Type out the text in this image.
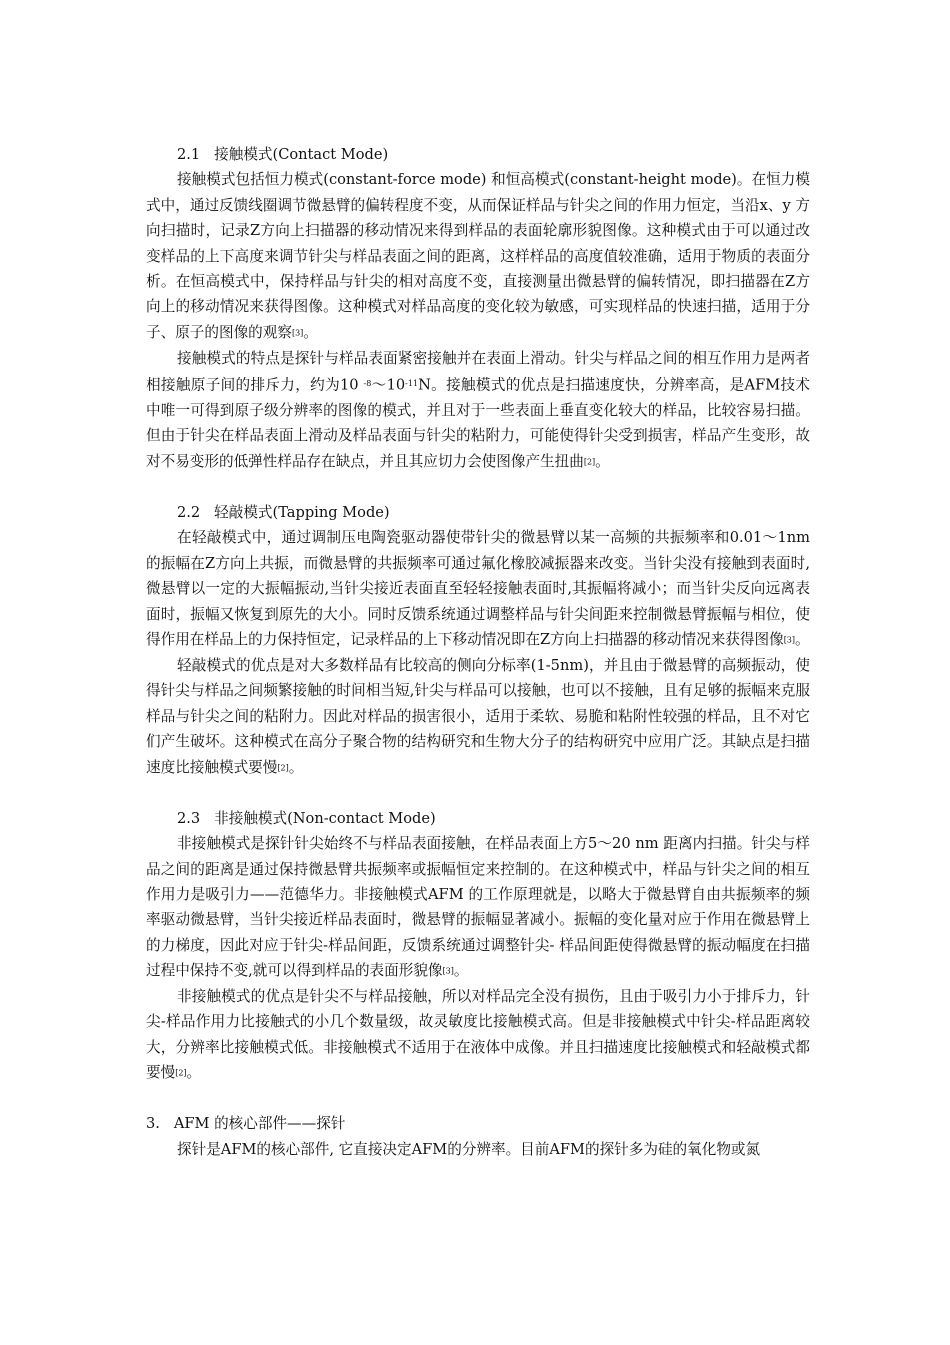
2.1   接触模式(Contact Mode)

接触模式包括恒力模式(constant-force mode) 和恒高模式(constant-height mode)。在恒力模式中，通过反馈线圈调节微悬臂的偏转程度不变，从而保证样品与针尖之间的作用力恒定，当沿x、y 方向扫描时，记录Z方向上扫描器的移动情况来得到样品的表面轮廓形貌图像。这种模式由于可以通过改变样品的上下高度来调节针尖与样品表面之间的距离，这样样品的高度值较准确，适用于物质的表面分析。在恒高模式中，保持样品与针尖的相对高度不变，直接测量出微悬臂的偏转情况，即扫描器在Z方向上的移动情况来获得图像。这种模式对样品高度的变化较为敏感，可实现样品的快速扫描，适用于分子、原子的图像的观察[3]。

接触模式的特点是探针与样品表面紧密接触并在表面上滑动。针尖与样品之间的相互作用力是两者相接触原子间的排斥力，约为10 $^{-8}\sim 10^{-11}N$。接触模式的优点是扫描速度快，分辨率高，是AFM技术中唯一可得到原子级分辨率的图像的模式，并且对于一些表面上垂直变化较大的样品，比较容易扫描。 但由于针尖在样品表面上滑动及样品表面与针尖的粘附力，可能使得针尖受到损害，样品产生变形，故对不易变形的低弹性样品存在缺点，并且其应切力会使图像产生扭曲[2]。

2.2   轻敲模式(Tapping Mode)

在轻敲模式中，通过调制压电陶瓷驱动器使带针尖的微悬臂以某一高频的共振频率和0.01～1nm 的振幅在Z方向上共振，而微悬臂的共振频率可通过氟化橡胶减振器来改变。当针尖没有接触到表面时,微悬臂以一定的大振幅振动,当针尖接近表面直至轻轻接触表面时,其振幅将减小；而当针尖反向远离表面时，振幅又恢复到原先的大小。同时反馈系统通过调整样品与针尖间距来控制微悬臂振幅与相位，使得作用在样品上的力保持恒定，记录样品的上下移动情况即在Z方向上扫描器的移动情况来获得图像[3]。

轻敲模式的优点是对大多数样品有比较高的侧向分标率(1-5nm)，并且由于微悬臂的高频振动，使得针尖与样品之间频繁接触的时间相当短,针尖与样品可以接触，也可以不接触，且有足够的振幅来克服样品与针尖之间的粘附力。因此对样品的损害很小，适用于柔软、易脆和粘附性较强的样品，且不对它们产生破坏。这种模式在高分子聚合物的结构研究和生物大分子的结构研究中应用广泛。其缺点是扫描速度比接触模式要慢[2]。

2.3   非接触模式(Non-contact Mode)

非接触模式是探针针尖始终不与样品表面接触，在样品表面上方5～20 nm 距离内扫描。针尖与样品之间的距离是通过保持微悬臂共振频率或振幅恒定来控制的。在这种模式中，样品与针尖之间的相互作用力是吸引力——范德华力。非接触模式AFM 的工作原理就是，以略大于微悬臂自由共振频率的频率驱动微悬臂，当针尖接近样品表面时，微悬臂的振幅显著减小。振幅的变化量对应于作用在微悬臂上的力梯度，因此对应于针尖-样品间距，反馈系统通过调整针尖- 样品间距使得微悬臂的振动幅度在扫描过程中保持不变,就可以得到样品的表面形貌像[3]。

非接触模式的优点是针尖不与样品接触，所以对样品完全没有损伤，且由于吸引力小于排斥力，针尖-样品作用力比接触式的小几个数量级，故灵敏度比接触模式高。但是非接触模式中针尖-样品距离较大，分辨率比接触模式低。非接触模式不适用于在液体中成像。并且扫描速度比接触模式和轻敲模式都要慢[2]。

3.   AFM 的核心部件——探针

探针是AFM的核心部件, 它直接决定AFM的分辨率。目前AFM的探针多为硅的氧化物或氮
